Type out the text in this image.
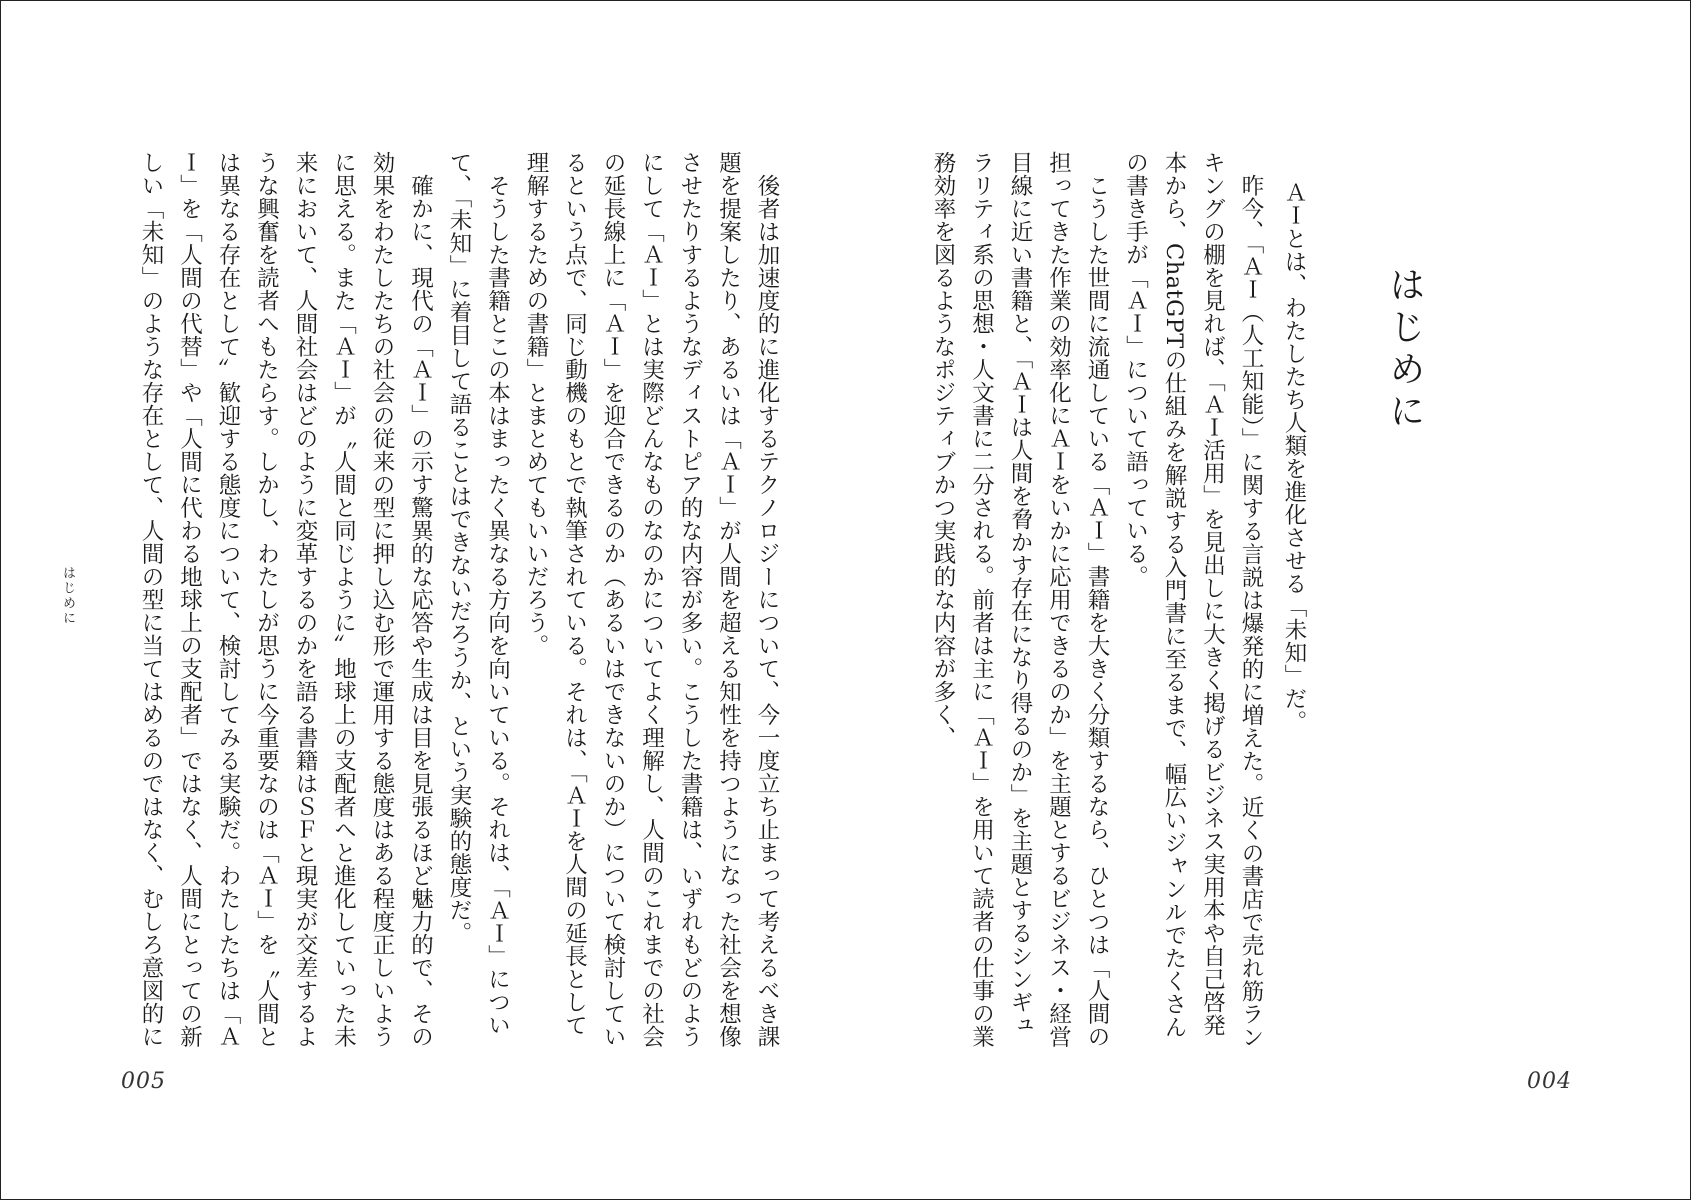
はじめに
ＡＩとは、わたしたち人類を進化させる「未知」だ。

昨今、「ＡＩ（人工知能）」に関する言説は爆発的に増えた。近くの書店で売れ筋ランキングの棚を見れば、「ＡＩ活用」を見出しに大きく掲げるビジネス実用本や自己啓発本から、ChatGPTの仕組みを解説する入門書に至るまで、幅広いジャンルでたくさんの書き手が「ＡＩ」について語っている。

こうした世間に流通している「ＡＩ」書籍を大きく分類するなら、ひとつは「人間の担ってきた作業の効率化にＡＩをいかに応用できるのか」を主題とするビジネス・経営目線に近い書籍と、「ＡＩは人間を脅かす存在になり得るのか」を主題とするシンギュラリティ系の思想・人文書に二分される。前者は主に「ＡＩ」を用いて読者の仕事の業務効率を図るようなポジティブかつ実践的な内容が多く、

004

後者は加速度的に進化するテクノロジーについて、今一度立ち止まって考えるべき課題を提案したり、あるいは「ＡＩ」が人間を超える知性を持つようになった社会を想像させたりするようなディストピア的な内容が多い。こうした書籍は、いずれもどのようにして「ＡＩ」とは実際どんなものなのかについてよく理解し、人間のこれまでの社会の延長線上に「ＡＩ」を迎合できるのか（あるいはできないのか）について検討しているという点で、同じ動機のもとで執筆されている。それは、「ＡＩを人間の延長として理解するための書籍」とまとめてもいいだろう。

そうした書籍とこの本はまったく異なる方向を向いている。それは、「ＡＩ」について、「未知」に着目して語ることはできないだろうか、という実験的態度だ。

確かに、現代の「ＡＩ」の示す驚異的な応答や生成は目を見張るほど魅力的で、その効果をわたしたちの社会の従来の型に押し込む形で運用する態度はある程度正しいように思える。また「ＡＩ」が〝人間と同じように〟地球上の支配者へと進化していった未来において、人間社会はどのように変革するのかを語る書籍はＳＦと現実が交差するような興奮を読者へもたらす。しかし、わたしが思うに今重要なのは「ＡＩ」を〝人間とは異なる存在として〟歓迎する態度について、検討してみる実験だ。わたしたちは「ＡＩ」を「人間の代替」や「人間に代わる地球上の支配者」ではなく、人間にとっての新しい「未知」のような存在として、人間の型に当てはめるのではなく、むしろ意図的に

はじめに
005
